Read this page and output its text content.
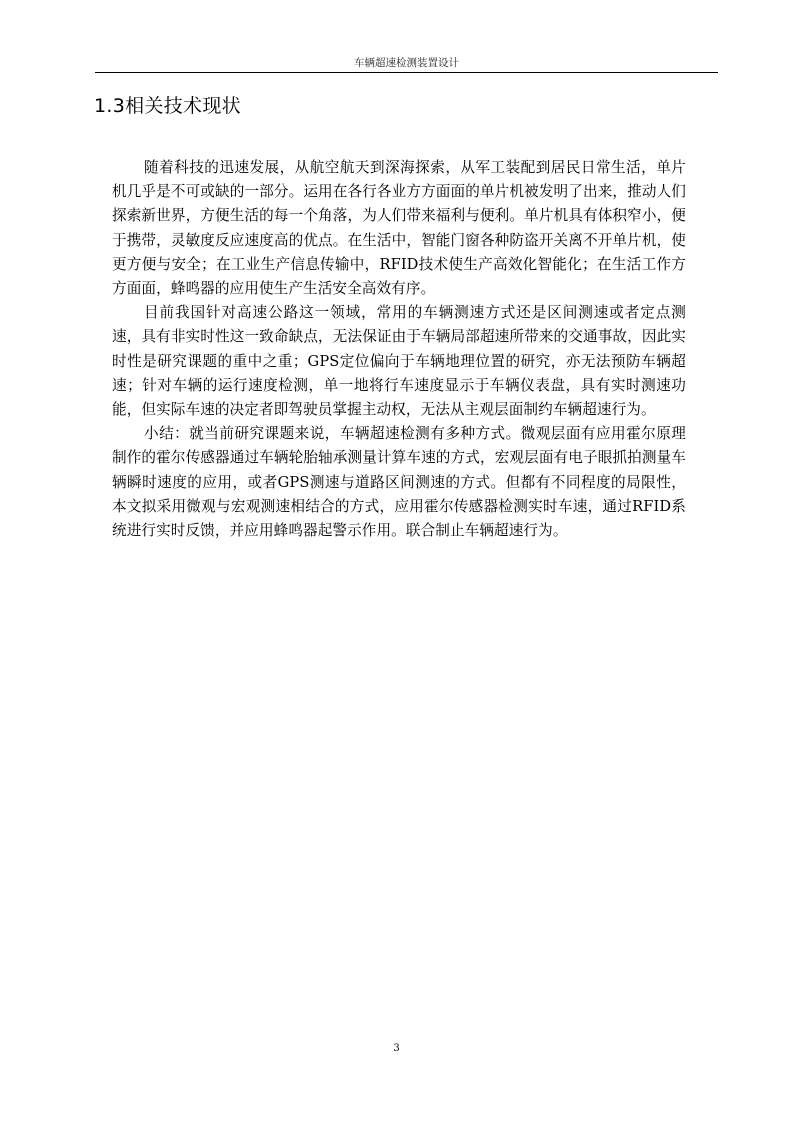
车辆超速检测装置设计
1.3相关技术现状

随着科技的迅速发展，从航空航天到深海探索，从军工装配到居民日常生活，单片机几乎是不可或缺的一部分。运用在各行各业方方面面的单片机被发明了出来，推动人们探索新世界，方便生活的每一个角落，为人们带来福利与便利。单片机具有体积窄小，便于携带，灵敏度反应速度高的优点。在生活中，智能门窗各种防盗开关离不开单片机，使更方便与安全；在工业生产信息传输中，RFID技术使生产高效化智能化；在生活工作方方面面，蜂鸣器的应用使生产生活安全高效有序。

目前我国针对高速公路这一领域，常用的车辆测速方式还是区间测速或者定点测速，具有非实时性这一致命缺点，无法保证由于车辆局部超速所带来的交通事故，因此实时性是研究课题的重中之重；GPS定位偏向于车辆地理位置的研究，亦无法预防车辆超速；针对车辆的运行速度检测，单一地将行车速度显示于车辆仪表盘，具有实时测速功能，但实际车速的决定者即驾驶员掌握主动权，无法从主观层面制约车辆超速行为。

小结：就当前研究课题来说，车辆超速检测有多种方式。微观层面有应用霍尔原理制作的霍尔传感器通过车辆轮胎轴承测量计算车速的方式，宏观层面有电子眼抓拍测量车辆瞬时速度的应用，或者GPS测速与道路区间测速的方式。但都有不同程度的局限性，本文拟采用微观与宏观测速相结合的方式，应用霍尔传感器检测实时车速，通过RFID系统进行实时反馈，并应用蜂鸣器起警示作用。联合制止车辆超速行为。

3
